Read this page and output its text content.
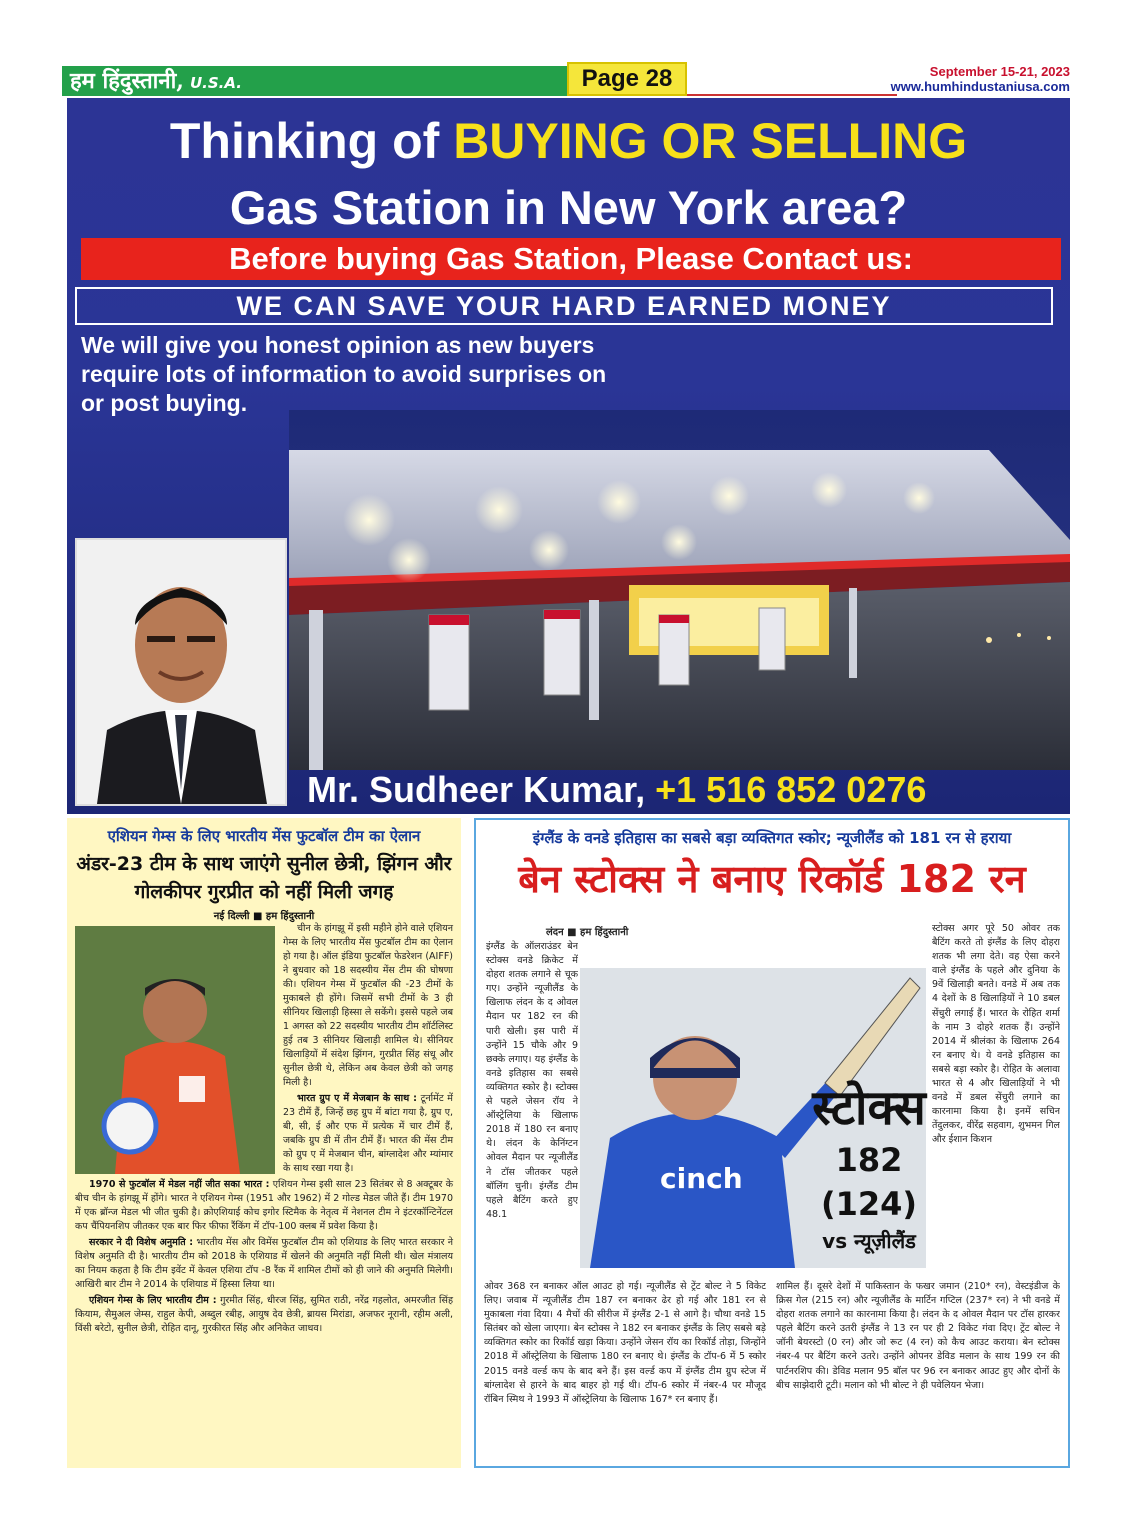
हम हिंदुस्तानी, U.S.A.	Page 28	September 15-21, 2023
www.humhindustaniusa.com
Thinking of BUYING OR SELLING
Gas Station in New York area?
Before buying Gas Station, Please Contact us:
WE CAN SAVE YOUR HARD EARNED MONEY
We will give you honest opinion as new buyers require lots of information to avoid surprises on or post buying.
Mr. Sudheer Kumar, +1 516 852 0276
एशियन गेम्स के लिए भारतीय मेंस फुटबॉल टीम का ऐलान
अंडर-23 टीम के साथ जाएंगे सुनील छेत्री, झिंगन और गोलकीपर गुरप्रीत को नहीं मिली जगह
नई दिल्ली ■ हम हिंदुस्तानी

चीन के हांगझू में इसी महीने होने वाले एशियन गेम्स के लिए भारतीय मेंस फुटबॉल टीम का ऐलान हो गया है। ऑल इंडिया फुटबॉल फेडरेशन (AIFF) ने बुधवार को 18 सदस्यीय मेंस टीम की घोषणा की। एशियन गेम्स में फुटबॉल की -23 टीमों के मुकाबले ही होंगे। जिसमें सभी टीमों के 3 ही सीनियर खिलाड़ी हिस्सा ले सकेंगे। इससे पहले जब 1 अगस्त को 22 सदस्यीय भारतीय टीम शॉर्टलिस्ट हुई तब 3 सीनियर खिलाड़ी शामिल थे। सीनियर खिलाड़ियों में संदेश झिंगन, गुरप्रीत सिंह संधू और सुनील छेत्री थे, लेकिन अब केवल छेत्री को जगह मिली है।

भारत ग्रुप ए में मेजबान के साथ : टूर्नामेंट में 23 टीमें हैं, जिन्हें छह ग्रुप में बांटा गया है, ग्रुप ए, बी, सी, ई और एफ में प्रत्येक में चार टीमें हैं, जबकि ग्रुप डी में तीन टीमें हैं। भारत की मेंस टीम को ग्रुप ए में मेजबान चीन, बांग्लादेश और म्यांमार के साथ रखा गया है।

1970 से फुटबॉल में मेडल नहीं जीत सका भारत : एशियन गेम्स इसी साल 23 सितंबर से 8 अक्टूबर के बीच चीन के हांगझू में होंगे। भारत ने एशियन गेम्स (1951 और 1962) में 2 गोल्ड मेडल जीते हैं। टीम 1970 में एक ब्रॉन्ज मेडल भी जीत चुकी है। क्रोएशियाई कोच इगोर स्टिमैक के नेतृत्व में नेशनल टीम ने इंटरकॉन्टिनेंटल कप चैंपियनशिप जीतकर एक बार फिर फीफा रैंकिंग में टॉप-100 क्लब में प्रवेश किया है।

सरकार ने दी विशेष अनुमति : भारतीय मेंस और विमेंस फुटबॉल टीम को एशियाड के लिए भारत सरकार ने विशेष अनुमति दी है। भारतीय टीम को 2018 के एशियाड में खेलने की अनुमति नहीं मिली थी। खेल मंत्रालय का नियम कहता है कि टीम इवेंट में केवल एशिया टॉप -8 रैंक में शामिल टीमों को ही जाने की अनुमति मिलेगी। आखिरी बार टीम ने 2014 के एशियाड में हिस्सा लिया था।

एशियन गेम्स के लिए भारतीय टीम : गुरमीत सिंह, धीरज सिंह, सुमित राठी, नरेंद्र गहलोत, अमरजीत सिंह कियाम, सैमुअल जेम्स, राहुल केपी, अब्दुल रबीह, आयुष देव छेत्री, ब्रायस मिरांडा, अजफर नूरानी, रहीम अली, विंसी बरेटो, सुनील छेत्री, रोहित दानू, गुरकीरत सिंह और अनिकेत जाधव।

इंग्लैंड के वनडे इतिहास का सबसे बड़ा व्यक्तिगत स्कोर; न्यूजीलैंड को 181 रन से हराया
बेन स्टोक्स ने बनाए रिकॉर्ड 182 रन
लंदन ■ हम हिंदुस्तानी
इंग्लैंड के ऑलराउंडर बेन स्टोक्स वनडे क्रिकेट में दोहरा शतक लगाने से चूक गए। उन्होंने न्यूजीलैंड के खिलाफ लंदन के द ओवल मैदान पर 182 रन की पारी खेली। इस पारी में उन्होंने 15 चौके और 9 छक्के लगाए। यह इंग्लैंड के वनडे इतिहास का सबसे व्यक्तिगत स्कोर है। स्टोक्स से पहले जेसन रॉय ने ऑस्ट्रेलिया के खिलाफ 2018 में 180 रन बनाए थे। लंदन के केनिंग्टन ओवल मैदान पर न्यूजीलैंड ने टॉस जीतकर पहले बॉलिंग चुनी। इंग्लैंड टीम पहले बैटिंग करते हुए 48.1
स्टोक्स अगर पूरे 50 ओवर तक बैटिंग करते तो इंग्लैंड के लिए दोहरा शतक भी लगा देते। वह ऐसा करने वाले इंग्लैंड के पहले और दुनिया के 9वें खिलाड़ी बनते। वनडे में अब तक 4 देशों के 8 खिलाड़ियों ने 10 डबल सेंचुरी लगाई हैं। भारत के रोहित शर्मा के नाम 3 दोहरे शतक हैं। उन्होंने 2014 में श्रीलंका के खिलाफ 264 रन बनाए थे। ये वनडे इतिहास का सबसे बड़ा स्कोर है। रोहित के अलावा भारत से 4 और खिलाड़ियों ने भी वनडे में डबल सेंचुरी लगाने का कारनामा किया है। इनमें सचिन तेंदुलकर, वीरेंद्र सहवाग, शुभमन गिल और ईशान किशन
cinch
स्टोक्स
182 (124)
vs न्यूज़ीलैंड
ओवर 368 रन बनाकर ऑल आउट हो गई। न्यूजीलैंड से ट्रेंट बोल्ट ने 5 विकेट लिए। जवाब में न्यूजीलैंड टीम 187 रन बनाकर ढेर हो गई और 181 रन से मुकाबला गंवा दिया। 4 मैचों की सीरीज में इंग्लैंड 2-1 से आगे है। चौथा वनडे 15 सितंबर को खेला जाएगा। बेन स्टोक्स ने 182 रन बनाकर इंग्लैंड के लिए सबसे बड़े व्यक्तिगत स्कोर का रिकॉर्ड खड़ा किया। उन्होंने जेसन रॉय का रिकॉर्ड तोड़ा, जिन्होंने 2018 में ऑस्ट्रेलिया के खिलाफ 180 रन बनाए थे। इंग्लैंड के टॉप-6 में 5 स्कोर 2015 वनडे वर्ल्ड कप के बाद बने हैं। इस वर्ल्ड कप में इंग्लैंड टीम ग्रुप स्टेज में बांग्लादेश से हारने के बाद बाहर हो गई थी। टॉप-6 स्कोर में नंबर-4 पर मौजूद रॉबिन स्मिथ ने 1993 में ऑस्ट्रेलिया के खिलाफ 167* रन बनाए हैं।
शामिल हैं। दूसरे देशों में पाकिस्तान के फखर जमान (210* रन), वेस्टइंडीज के क्रिस गेल (215 रन) और न्यूजीलैंड के मार्टिन गप्टिल (237* रन) ने भी वनडे में दोहरा शतक लगाने का कारनामा किया है। लंदन के द ओवल मैदान पर टॉस हारकर पहले बैटिंग करने उतरी इंग्लैंड ने 13 रन पर ही 2 विकेट गंवा दिए। ट्रेंट बोल्ट ने जॉनी बेयरस्टो (0 रन) और जो रूट (4 रन) को कैच आउट कराया। बेन स्टोक्स नंबर-4 पर बैटिंग करने उतरे। उन्होंने ओपनर डेविड मलान के साथ 199 रन की पार्टनरशिप की। डेविड मलान 95 बॉल पर 96 रन बनाकर आउट हुए और दोनों के बीच साझेदारी टूटी। मलान को भी बोल्ट ने ही पवेलियन भेजा।
